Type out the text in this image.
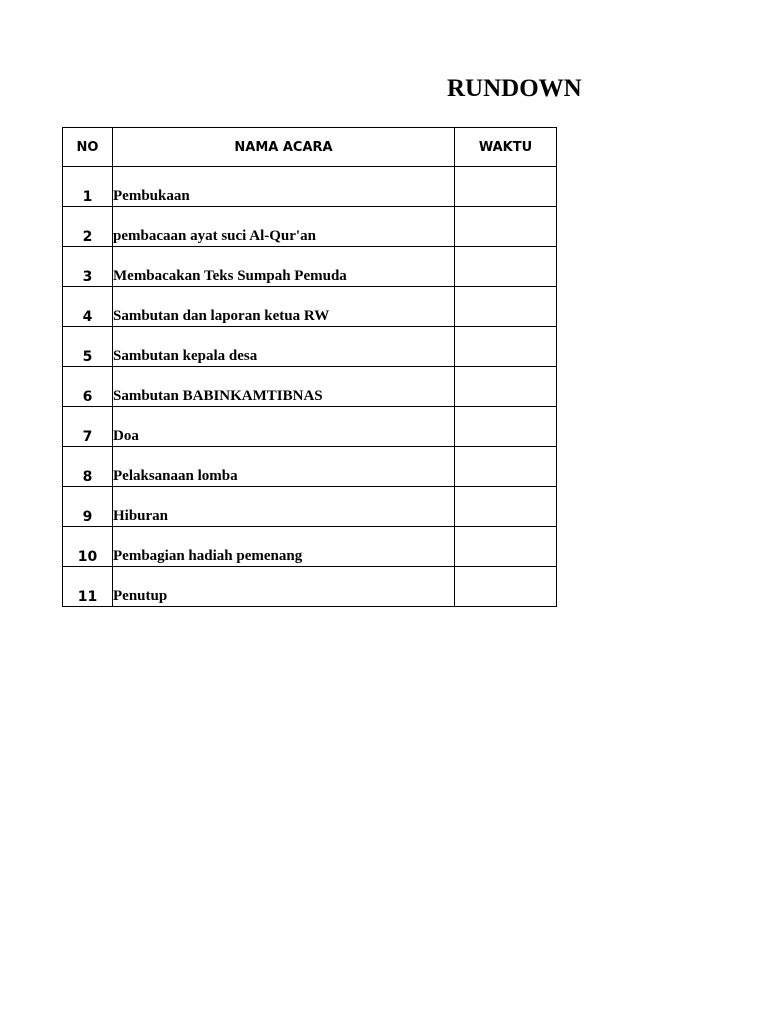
RUNDOWN
NO	NAMA ACARA	WAKTU
1	Pembukaan	
2	pembacaan ayat suci Al-Qur'an	
3	Membacakan Teks Sumpah Pemuda	
4	Sambutan dan laporan ketua RW	
5	Sambutan kepala desa	
6	Sambutan BABINKAMTIBNAS	
7	Doa	
8	Pelaksanaan lomba	
9	Hiburan	
10	Pembagian hadiah pemenang	
11	Penutup	
